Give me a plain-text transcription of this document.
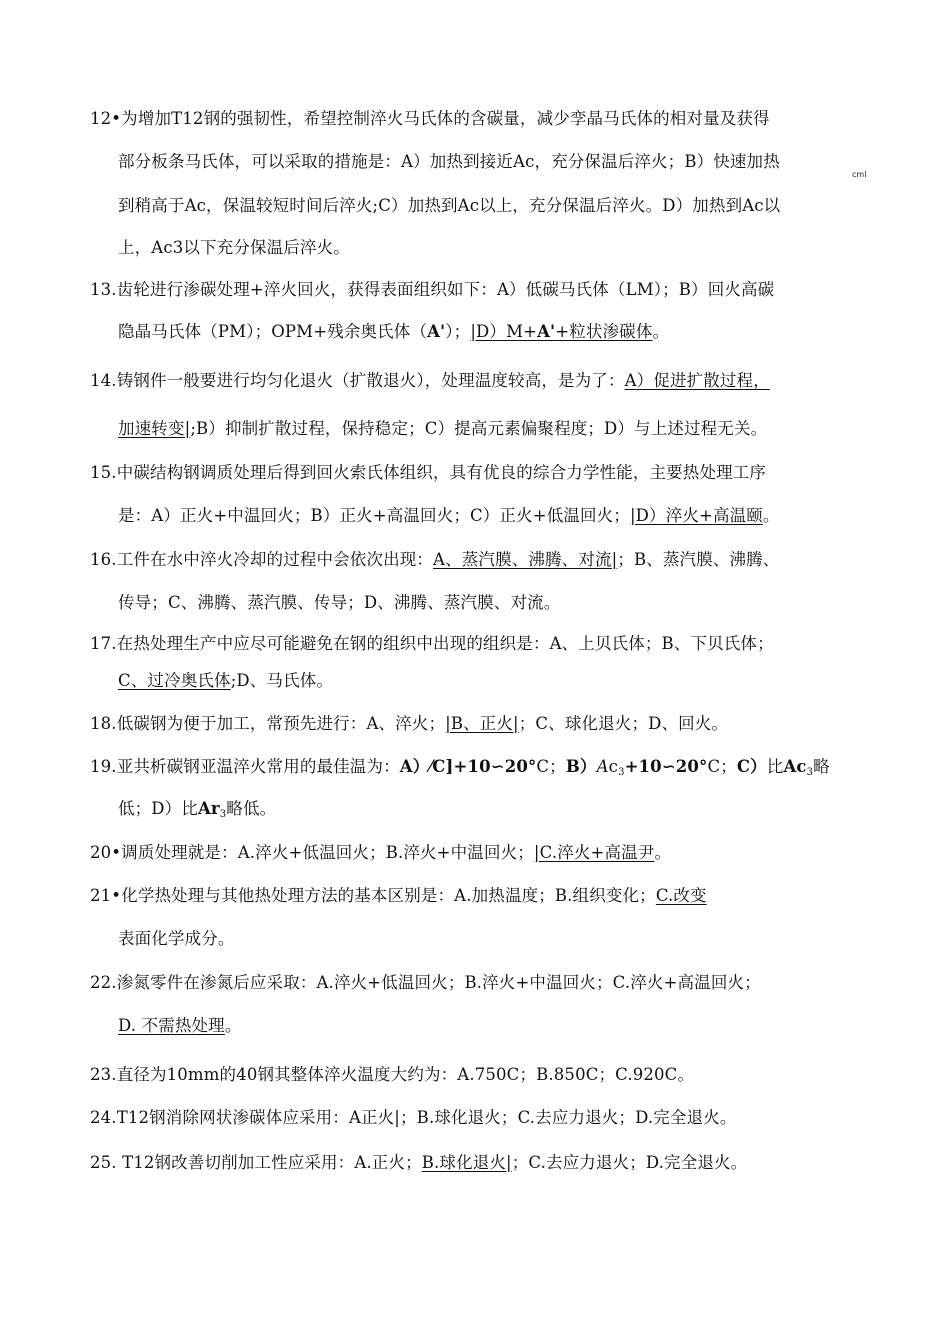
12•为增加T12钢的强韧性，希望控制淬火马氏体的含碳量，减少孪晶马氏体的相对量及获得
部分板条马氏体，可以采取的措施是：A）加热到接近Ac，充分保温后淬火；B）快速加热
cml
到稍高于Ac，保温较短时间后淬火;C）加热到Ac以上，充分保温后淬火。D）加热到Ac以
上，Ac3以下充分保温后淬火。
13.齿轮进行渗碳处理+淬火回火，获得表面组织如下：A）低碳马氏体（LM）；B）回火高碳
隐晶马氏体（PM）；OPM+残余奥氏体（A'）；|D）M+A'+粒状渗碳体。
14.铸钢件一般要进行均匀化退火（扩散退火），处理温度较高，是为了：A）促进扩散过程，
加速转变|;B）抑制扩散过程，保持稳定；C）提高元素偏聚程度；D）与上述过程无关。
15.中碳结构钢调质处理后得到回火索氏体组织，具有优良的综合力学性能，主要热处理工序
是：A）正火+中温回火；B）正火+高温回火；C）正火+低温回火；|D）淬火+高温颐。
16.工件在水中淬火冷却的过程中会依次出现：A、蒸汽膜、沸腾、对流|；B、蒸汽膜、沸腾、
传导；C、沸腾、蒸汽膜、传导；D、沸腾、蒸汽膜、对流。
17.在热处理生产中应尽可能避免在钢的组织中出现的组织是：A、上贝氏体；B、下贝氏体；
C、过冷奥氏体;D、马氏体。
18.低碳钢为便于加工，常预先进行：A、淬火；|B、正火|；C、球化退火；D、回火。
19.亚共析碳钢亚温淬火常用的最佳温为：A）⁄C]+10∽20°C；$B)Ac_3+10∽20^\circ C$；C）比$Ac_3$略
低；D）比$Ar_3$略低。
20•调质处理就是：A.淬火+低温回火；B.淬火+中温回火；|C.淬火+高温尹。
21•化学热处理与其他热处理方法的基本区别是：A.加热温度；B.组织变化；C.改变
表面化学成分。
22.渗氮零件在渗氮后应采取：A.淬火+低温回火；B.淬火+中温回火；C.淬火+高温回火；
D. 不需热处理。
23.直径为10mm的40钢其整体淬火温度大约为：A.750C；B.850C；C.920C。
24.T12钢消除网状渗碳体应采用：A正火|；B.球化退火；C.去应力退火；D.完全退火。
25. T12钢改善切削加工性应采用：A.正火；B.球化退火|；C.去应力退火；D.完全退火。
